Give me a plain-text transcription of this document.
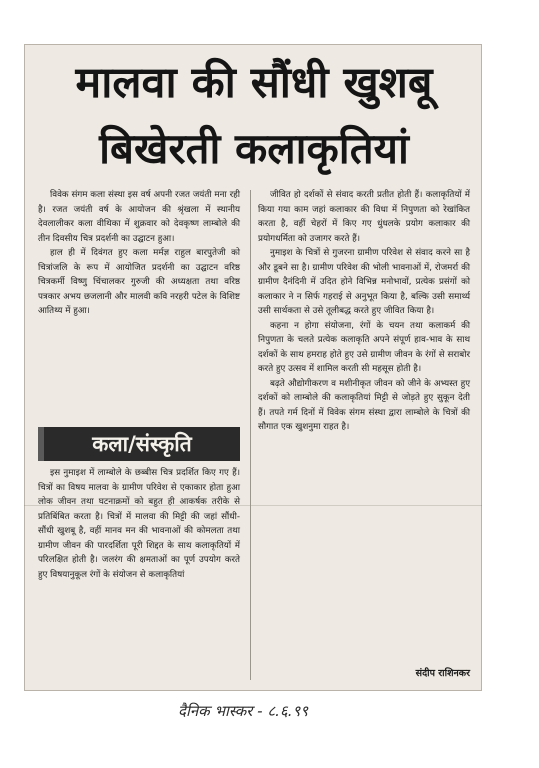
मालवा की सौंधी खुशबू
बिखेरती कलाकृतियां

विवेक संगम कला संस्था इस वर्ष अपनी रजत जयंती मना रही है। रजत जयंती वर्ष के आयोजन की श्रृंखला में स्थानीय देवलालीकर कला वीथिका में शुक्रवार को देवकृष्ण लाम्बोले की तीन दिवसीय चित्र प्रदर्शनी का उद्घाटन हुआ।

हाल ही में दिवंगत हुए कला मर्मज्ञ राहुल बारपुतेजी को चित्रांजलि के रूप में आयोजित प्रदर्शनी का उद्घाटन वरिष्ठ चित्रकर्मी विष्णु चिंचालकर गुरुजी की अध्यक्षता तथा वरिष्ठ पत्रकार अभय छजलानी और मालवी कवि नरहरी पटेल के विशिष्ट आतिथ्य में हुआ।

कला/संस्कृति

इस नुमाइश में लाम्बोले के छब्बीस चित्र प्रदर्शित किए गए हैं। चित्रों का विषय मालवा के ग्रामीण परिवेश से एकाकार होता हुआ लोक जीवन तथा घटनाक्रमों को बहुत ही आकर्षक तरीके से प्रतिबिंबित करता है। चित्रों में मालवा की मिट्टी की जहां सौंधी-सौंधी खुशबू है, वहीं मानव मन की भावनाओं की कोमलता तथा ग्रामीण जीवन की पारदर्शिता पूरी शिद्दत के साथ कलाकृतियों में परिलक्षित होती है। जलरंग की क्षमताओं का पूर्ण उपयोग करते हुए विषयानुकूल रंगों के संयोजन से कलाकृतियां

जीवित हो दर्शकों से संवाद करती प्रतीत होती हैं। कलाकृतियों में किया गया काम जहां कलाकार की विधा में निपुणता को रेखांकित करता है, वहीं चेहरों में किए गए धुंधलके प्रयोग कलाकार की प्रयोगधर्मिता को उजागर करते हैं।

नुमाइश के चित्रों से गुजरना ग्रामीण परिवेश से संवाद करने सा है और डूबने सा है। ग्रामीण परिवेश की भोली भावनाओं में, रोजमर्रा की ग्रामीण दैनंदिनी में उदित होने विभिन्न मनोभावों, प्रत्येक प्रसंगों को कलाकार ने न सिर्फ गहराई से अनुभूत किया है, बल्कि उसी समार्थ्य उसी सार्थकता से उसे तूलीबद्ध करते हुए जीवित किया है।

कहना न होगा संयोजना, रंगों के चयन तथा कलाकर्म की निपुणता के चलते प्रत्येक कलाकृति अपने संपूर्ण हाव-भाव के साथ दर्शकों के साथ हमराह होते हुए उसे ग्रामीण जीवन के रंगों से सराबोर करते हुए उत्सव में शामिल करती सी महसूस होती है।

बढ़ते औद्योगीकरण व मशीनीकृत जीवन को जीने के अभ्यस्त हुए दर्शकों को लाम्बोले की कलाकृतियां मिट्टी से जोड़ते हुए सुकून देती हैं। तपते गर्म दिनों में विवेक संगम संस्था द्वारा लाम्बोले के चित्रों की सौगात एक खुशनुमा राहत है।

संदीप राशिनकर
दैनिक भास्कर - ८.६.९९
